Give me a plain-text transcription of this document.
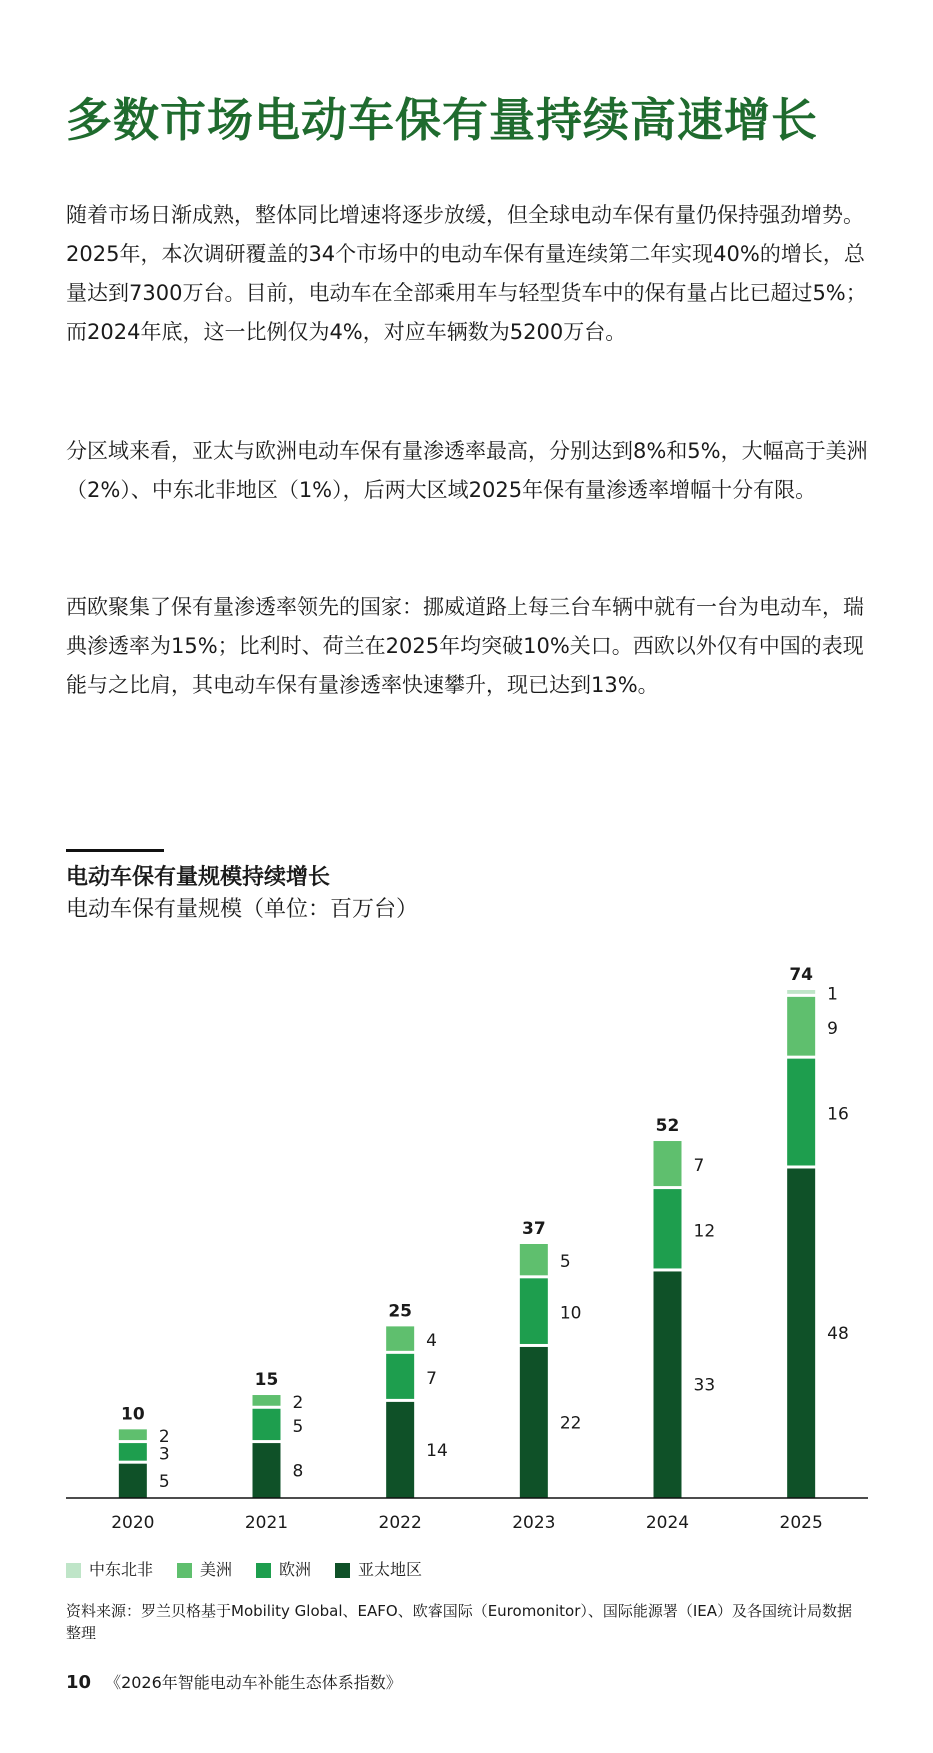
多数市场电动车保有量持续高速增长
随着市场日渐成熟，整体同比增速将逐步放缓，但全球电动车保有量仍保持强劲增势。2025年，本次调研覆盖的34个市场中的电动车保有量连续第二年实现40%的增长，总量达到7300万台。目前，电动车在全部乘用车与轻型货车中的保有量占比已超过5%；而2024年底，这一比例仅为4%，对应车辆数为5200万台。
分区域来看，亚太与欧洲电动车保有量渗透率最高，分别达到8%和5%，大幅高于美洲（2%）、中东北非地区（1%），后两大区域2025年保有量渗透率增幅十分有限。
西欧聚集了保有量渗透率领先的国家：挪威道路上每三台车辆中就有一台为电动车，瑞典渗透率为15%；比利时、荷兰在2025年均突破10%关口。西欧以外仅有中国的表现能与之比肩，其电动车保有量渗透率快速攀升，现已达到13%。
电动车保有量规模持续增长
电动车保有量规模（单位：百万台）
5
3
2
10
2020
8
5
2
15
2021
14
7
4
25
2022
22
10
5
37
2023
33
12
7
52
2024
48
16
9
1
74
2025
中东北非	美洲	欧洲	亚太地区
资料来源：罗兰贝格基于Mobility Global、EAFO、欧睿国际（Euromonitor）、国际能源署（IEA）及各国统计局数据整理
10 《2026年智能电动车补能生态体系指数》
